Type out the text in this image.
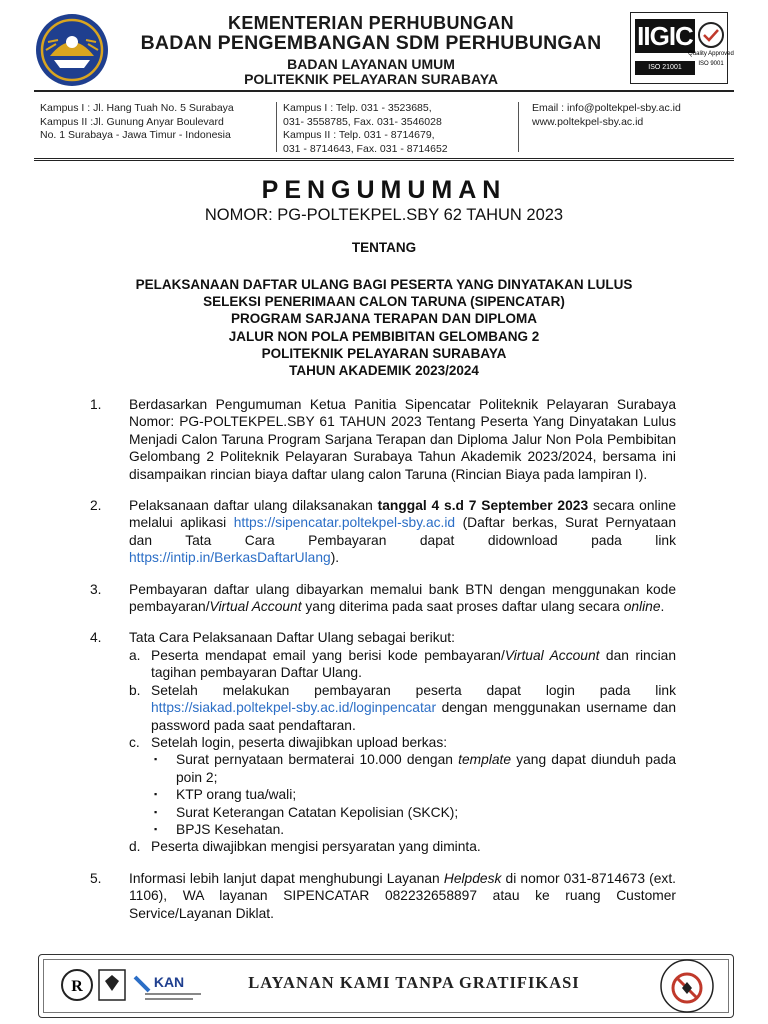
KEMENTERIAN PERHUBUNGAN
BADAN PENGEMBANGAN SDM PERHUBUNGAN
BADAN LAYANAN UMUM
POLITEKNIK PELAYARAN SURABAYA
IIGIC
ISO 21001 CERTIFIED
Quality Approved
ISO 9001
Kampus I : Jl. Hang Tuah No. 5 Surabaya
Kampus II :Jl. Gunung Anyar Boulevard
No. 1 Surabaya - Jawa Timur - Indonesia
Kampus I : Telp. 031 - 3523685,
031- 3558785, Fax. 031- 3546028
Kampus II : Telp. 031 - 8714679,
031 - 8714643, Fax. 031 - 8714652
Email : info@poltekpel-sby.ac.id
www.poltekpel-sby.ac.id
PENGUMUMAN
NOMOR: PG-POLTEKPEL.SBY 62 TAHUN 2023
TENTANG
PELAKSANAAN DAFTAR ULANG BAGI PESERTA YANG DINYATAKAN LULUS
SELEKSI PENERIMAAN CALON TARUNA (SIPENCATAR)
PROGRAM SARJANA TERAPAN DAN DIPLOMA
JALUR NON POLA PEMBIBITAN GELOMBANG 2
POLITEKNIK PELAYARAN SURABAYA
TAHUN AKADEMIK 2023/2024
1. Berdasarkan Pengumuman Ketua Panitia Sipencatar Politeknik Pelayaran Surabaya Nomor: PG-POLTEKPEL.SBY 61 TAHUN 2023 Tentang Peserta Yang Dinyatakan Lulus Menjadi Calon Taruna Program Sarjana Terapan dan Diploma Jalur Non Pola Pembibitan Gelombang 2 Politeknik Pelayaran Surabaya Tahun Akademik 2023/2024, bersama ini disampaikan rincian biaya daftar ulang calon Taruna (Rincian Biaya pada lampiran I).
2. Pelaksanaan daftar ulang dilaksanakan tanggal 4 s.d 7 September 2023 secara online melalui aplikasi https://sipencatar.poltekpel-sby.ac.id (Daftar berkas, Surat Pernyataan dan Tata Cara Pembayaran dapat didownload pada link https://intip.in/BerkasDaftarUlang).
3. Pembayaran daftar ulang dibayarkan memalui bank BTN dengan menggunakan kode pembayaran/Virtual Account yang diterima pada saat proses daftar ulang secara online.
4. Tata Cara Pelaksanaan Daftar Ulang sebagai berikut:
a. Peserta mendapat email yang berisi kode pembayaran/Virtual Account dan rincian tagihan pembayaran Daftar Ulang.
b. Setelah melakukan pembayaran peserta dapat login pada link https://siakad.poltekpel-sby.ac.id/loginpencatar dengan menggunakan username dan password pada saat pendaftaran.
c. Setelah login, peserta diwajibkan upload berkas:
▪ Surat pernyataan bermaterai 10.000 dengan template yang dapat diunduh pada poin 2;
▪ KTP orang tua/wali;
▪ Surat Keterangan Catatan Kepolisian (SKCK);
▪ BPJS Kesehatan.
d. Peserta diwajibkan mengisi persyaratan yang diminta.
5. Informasi lebih lanjut dapat menghubungi Layanan Helpdesk di nomor 031-8714673 (ext. 1106), WA layanan SIPENCATAR 082232658897 atau ke ruang Customer Service/Layanan Diklat.
R	KAN	LAYANAN KAMI TANPA GRATIFIKASI
